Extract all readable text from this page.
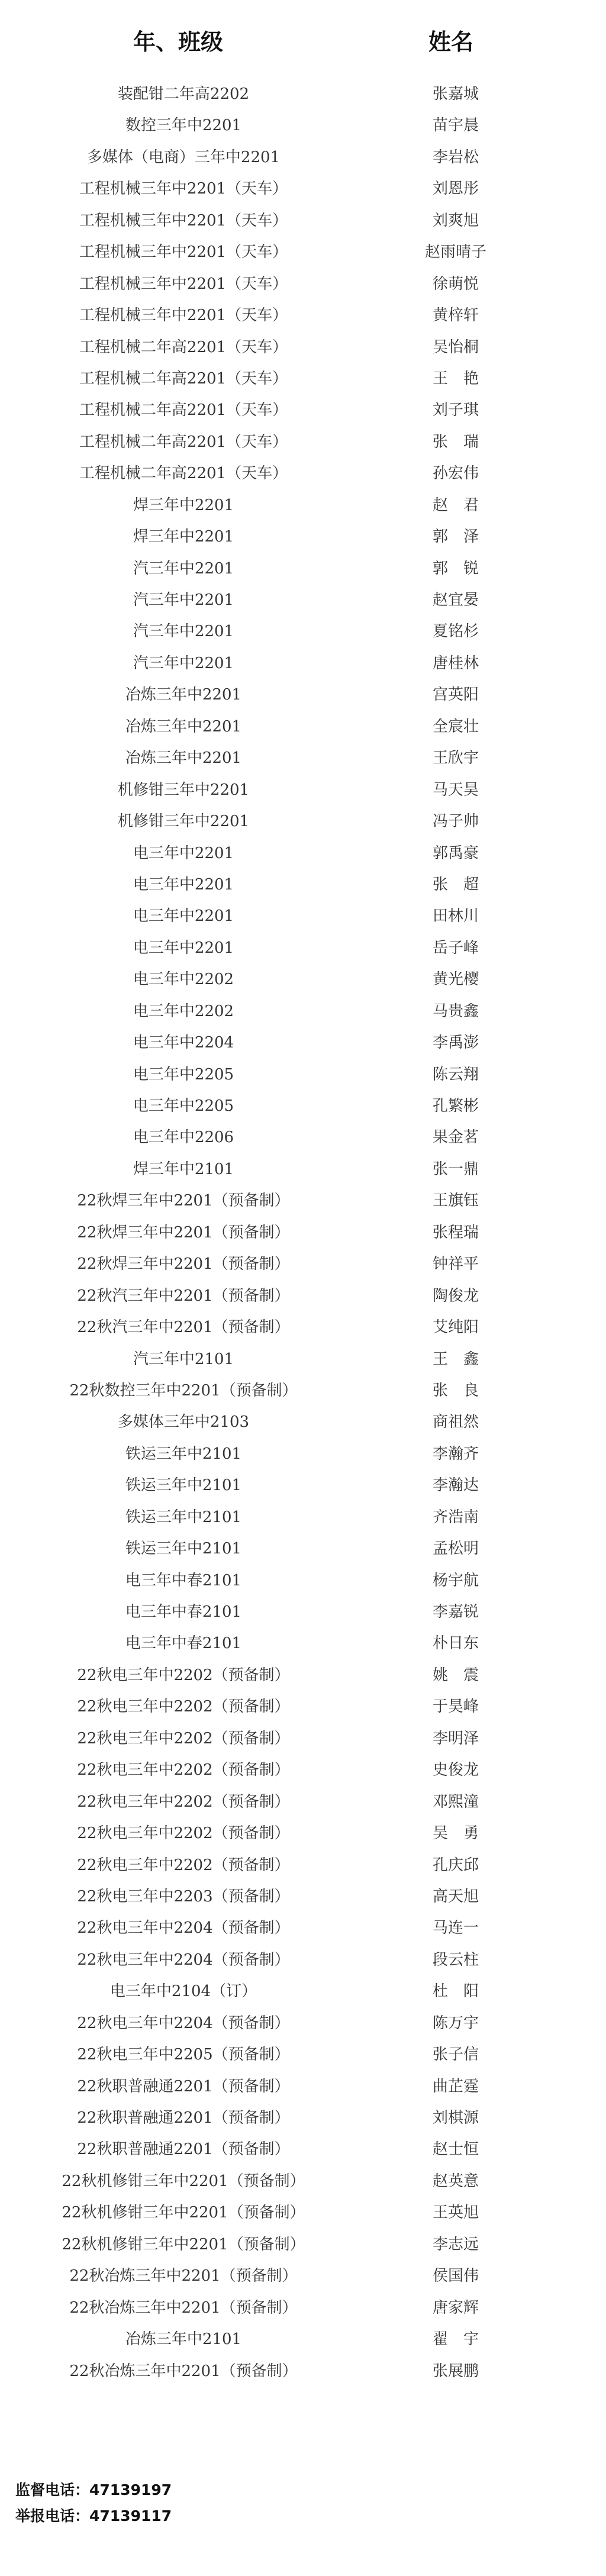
年、班级	姓名
装配钳二年高2202	张嘉城
数控三年中2201	苗宇晨
多媒体（电商）三年中2201	李岩松
工程机械三年中2201（天车）	刘恩彤
工程机械三年中2201（天车）	刘爽旭
工程机械三年中2201（天车）	赵雨晴子
工程机械三年中2201（天车）	徐萌悦
工程机械三年中2201（天车）	黄梓轩
工程机械二年高2201（天车）	吴怡桐
工程机械二年高2201（天车）	王　艳
工程机械二年高2201（天车）	刘子琪
工程机械二年高2201（天车）	张　瑞
工程机械二年高2201（天车）	孙宏伟
焊三年中2201	赵　君
焊三年中2201	郭　泽
汽三年中2201	郭　锐
汽三年中2201	赵宜晏
汽三年中2201	夏铭杉
汽三年中2201	唐桂林
冶炼三年中2201	宫英阳
冶炼三年中2201	全宸壮
冶炼三年中2201	王欣宇
机修钳三年中2201	马天昊
机修钳三年中2201	冯子帅
电三年中2201	郭禹豪
电三年中2201	张　超
电三年中2201	田林川
电三年中2201	岳子峰
电三年中2202	黄光樱
电三年中2202	马贵鑫
电三年中2204	李禹澎
电三年中2205	陈云翔
电三年中2205	孔繁彬
电三年中2206	果金茗
焊三年中2101	张一鼎
22秋焊三年中2201（预备制）	王旗钰
22秋焊三年中2201（预备制）	张程瑞
22秋焊三年中2201（预备制）	钟祥平
22秋汽三年中2201（预备制）	陶俊龙
22秋汽三年中2201（预备制）	艾纯阳
汽三年中2101	王　鑫
22秋数控三年中2201（预备制）	张　良
多媒体三年中2103	商祖然
铁运三年中2101	李瀚齐
铁运三年中2101	李瀚达
铁运三年中2101	齐浩南
铁运三年中2101	孟松明
电三年中春2101	杨宇航
电三年中春2101	李嘉锐
电三年中春2101	朴日东
22秋电三年中2202（预备制）	姚　震
22秋电三年中2202（预备制）	于昊峰
22秋电三年中2202（预备制）	李明泽
22秋电三年中2202（预备制）	史俊龙
22秋电三年中2202（预备制）	邓熙潼
22秋电三年中2202（预备制）	吴　勇
22秋电三年中2202（预备制）	孔庆邱
22秋电三年中2203（预备制）	高天旭
22秋电三年中2204（预备制）	马连一
22秋电三年中2204（预备制）	段云柱
电三年中2104（订）	杜　阳
22秋电三年中2204（预备制）	陈万宇
22秋电三年中2205（预备制）	张子信
22秋职普融通2201（预备制）	曲芷霆
22秋职普融通2201（预备制）	刘棋源
22秋职普融通2201（预备制）	赵士恒
22秋机修钳三年中2201（预备制）	赵英意
22秋机修钳三年中2201（预备制）	王英旭
22秋机修钳三年中2201（预备制）	李志远
22秋冶炼三年中2201（预备制）	侯国伟
22秋冶炼三年中2201（预备制）	唐家辉
冶炼三年中2101	翟　宇
22秋冶炼三年中2201（预备制）	张展鹏
监督电话：47139197
举报电话：47139117
